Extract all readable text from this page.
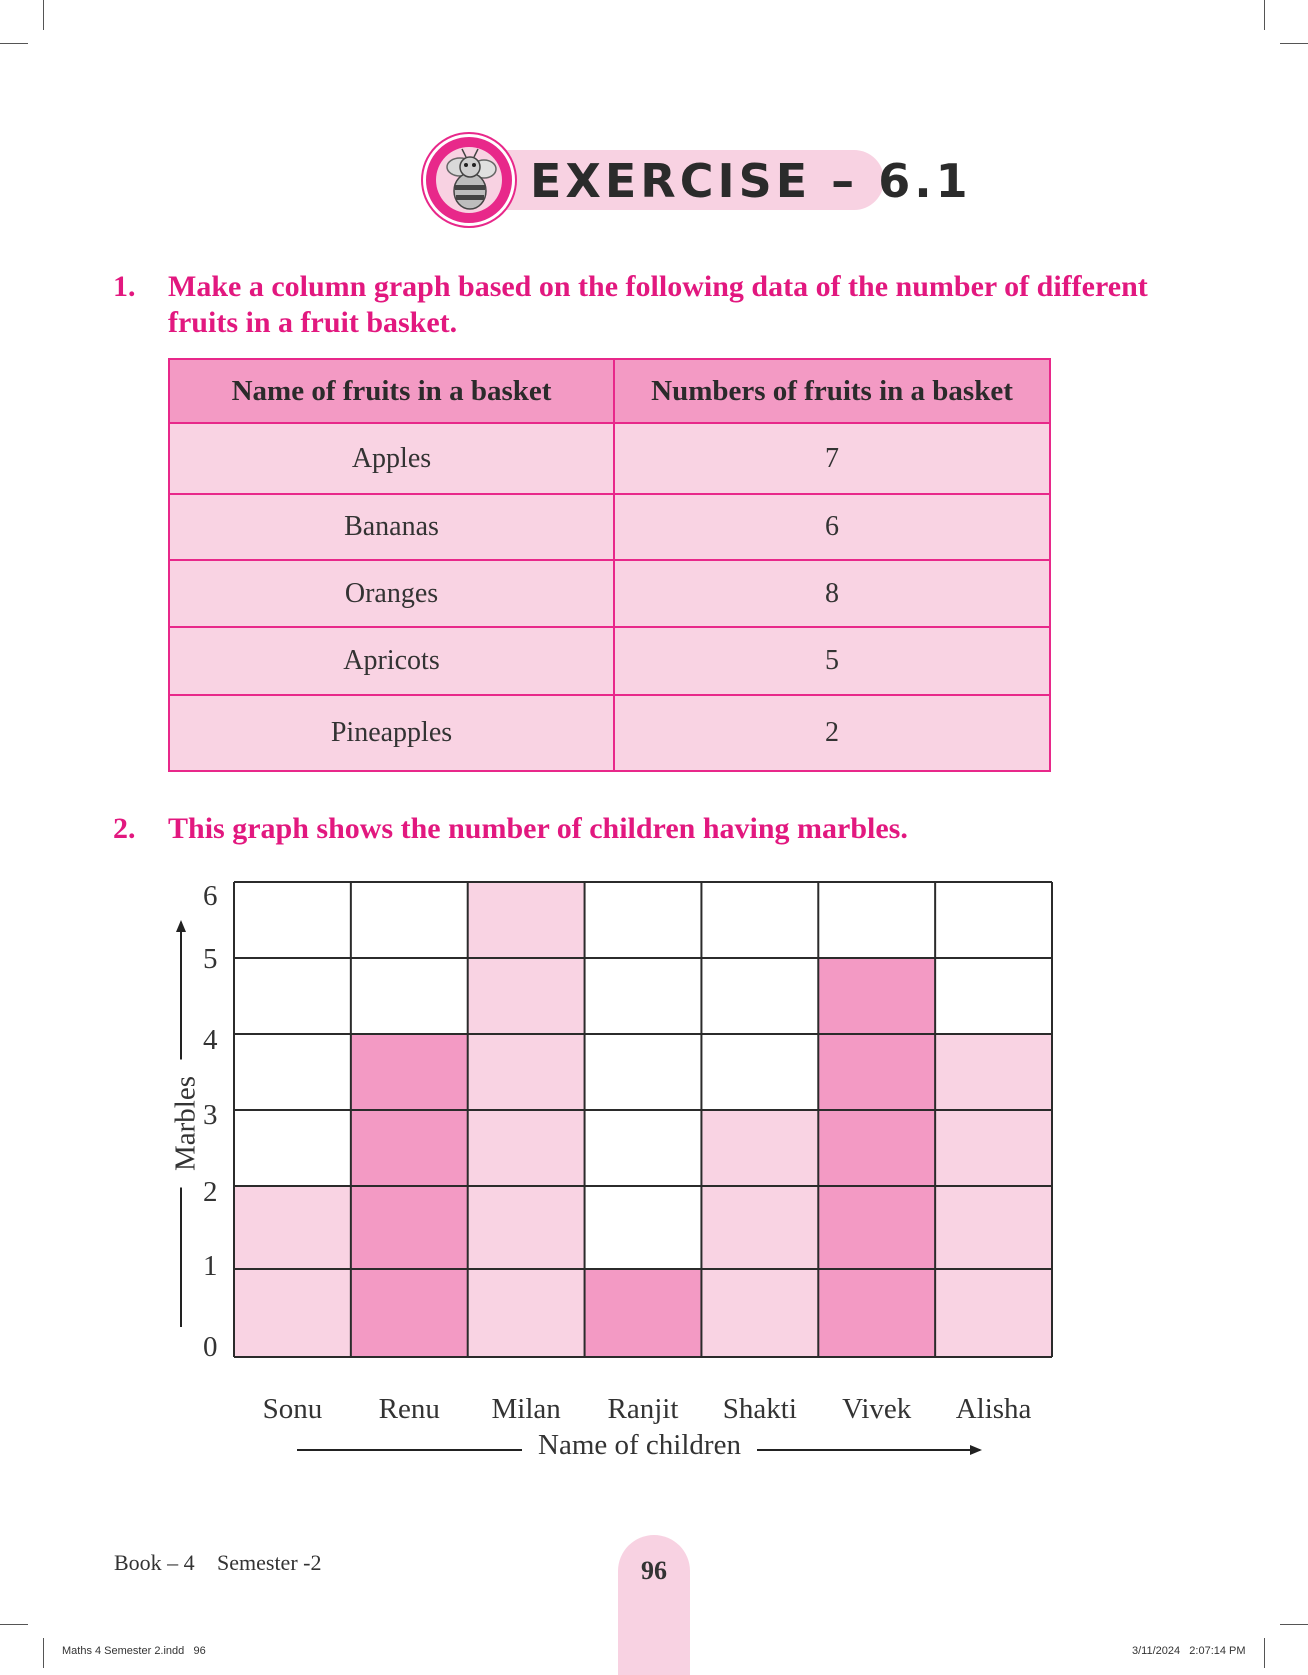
EXERCISE – 6.1
1. Make a column graph based on the following data of the number of different
fruits in a fruit basket.
Name of fruits in a basket	Numbers of fruits in a basket
Apples	7
Bananas	6
Oranges	8
Apricots	5
Pineapples	2
2. This graph shows the number of children having marbles.
0
1
2
3
4
5
6
Sonu	Renu	Milan	Ranjit	Shakti	Vivek	Alisha
Marbles
Name of children
Book – 4 Semester -2	96
Maths 4 Semester 2.indd   96	3/11/2024   2:07:14 PM
